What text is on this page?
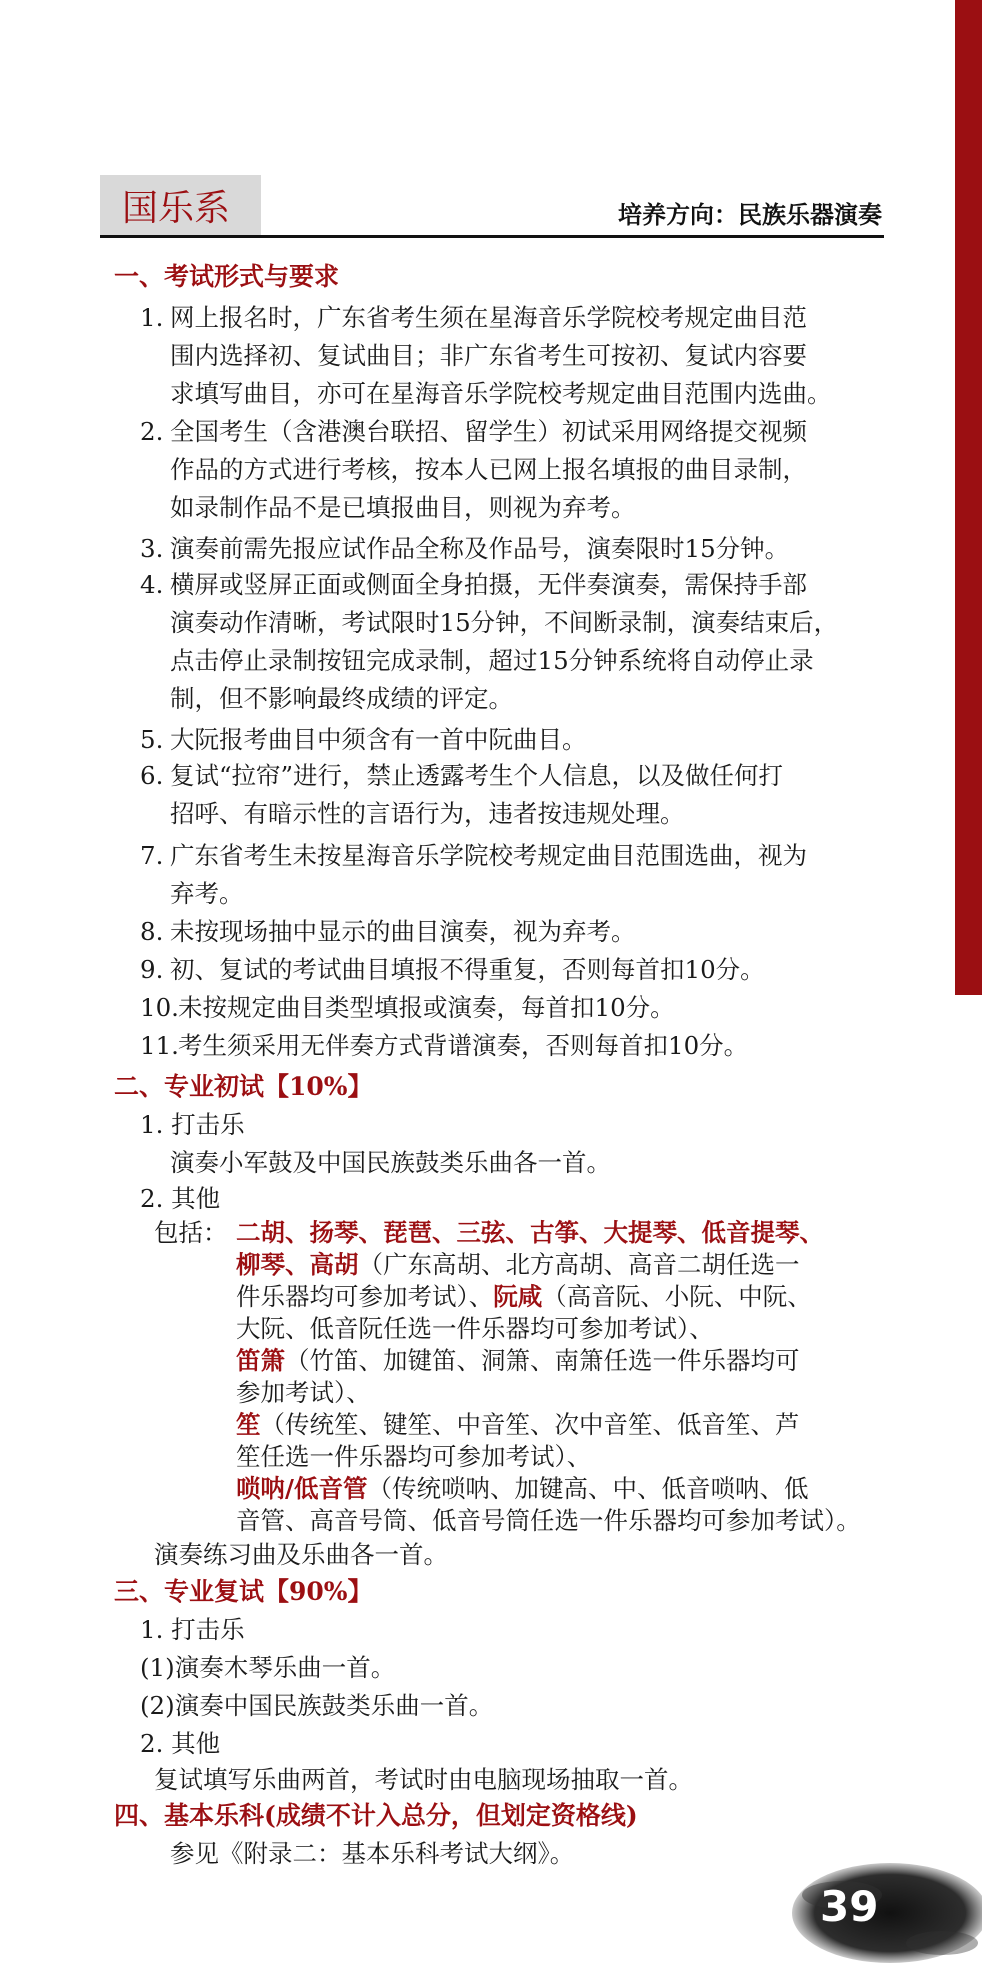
国乐系	培养方向：民族乐器演奏
一、考试形式与要求
1. 网上报名时，广东省考生须在星海音乐学院校考规定曲目范
围内选择初、复试曲目；非广东省考生可按初、复试内容要
求填写曲目，亦可在星海音乐学院校考规定曲目范围内选曲。
2. 全国考生（含港澳台联招、留学生）初试采用网络提交视频
作品的方式进行考核，按本人已网上报名填报的曲目录制，
如录制作品不是已填报曲目，则视为弃考。
3. 演奏前需先报应试作品全称及作品号，演奏限时15分钟。
4. 横屏或竖屏正面或侧面全身拍摄，无伴奏演奏，需保持手部
演奏动作清晰，考试限时15分钟，不间断录制，演奏结束后，
点击停止录制按钮完成录制，超过15分钟系统将自动停止录
制，但不影响最终成绩的评定。
5. 大阮报考曲目中须含有一首中阮曲目。
6. 复试“拉帘”进行，禁止透露考生个人信息，以及做任何打
招呼、有暗示性的言语行为，违者按违规处理。
7. 广东省考生未按星海音乐学院校考规定曲目范围选曲，视为
弃考。
8. 未按现场抽中显示的曲目演奏，视为弃考。
9. 初、复试的考试曲目填报不得重复，否则每首扣10分。
10. 未按规定曲目类型填报或演奏，每首扣10分。
11. 考生须采用无伴奏方式背谱演奏，否则每首扣10分。
二、专业初试【10%】
1. 打击乐
演奏小军鼓及中国民族鼓类乐曲各一首。
2. 其他
包括： 二胡、扬琴、琵琶、三弦、古筝、大提琴、低音提琴、
柳琴、高胡（广东高胡、北方高胡、高音二胡任选一
件乐器均可参加考试）、阮咸（高音阮、小阮、中阮、
大阮、低音阮任选一件乐器均可参加考试）、
笛箫（竹笛、加键笛、洞箫、南箫任选一件乐器均可
参加考试）、
笙（传统笙、键笙、中音笙、次中音笙、低音笙、芦
笙任选一件乐器均可参加考试）、
唢呐/低音管（传统唢呐、加键高、中、低音唢呐、低
音管、高音号筒、低音号筒任选一件乐器均可参加考试）。
演奏练习曲及乐曲各一首。
三、专业复试【90%】
1. 打击乐
(1)演奏木琴乐曲一首。
(2)演奏中国民族鼓类乐曲一首。
2. 其他
复试填写乐曲两首，考试时由电脑现场抽取一首。
四、基本乐科(成绩不计入总分，但划定资格线)
参见《附录二：基本乐科考试大纲》。
39
